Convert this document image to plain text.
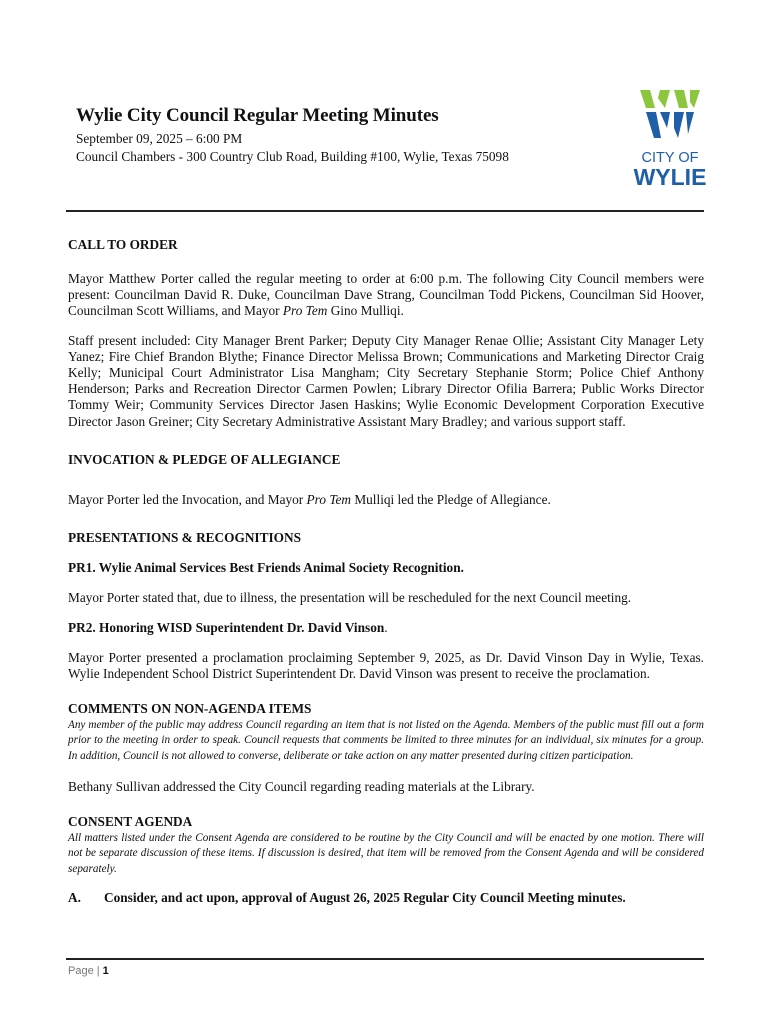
Wylie City Council Regular Meeting Minutes
September 09, 2025 – 6:00 PM
Council Chambers - 300 Country Club Road, Building #100, Wylie, Texas 75098	CITY OF
WYLIE
CALL TO ORDER

Mayor Matthew Porter called the regular meeting to order at 6:00 p.m. The following City Council members were present: Councilman David R. Duke, Councilman Dave Strang, Councilman Todd Pickens, Councilman Sid Hoover, Councilman Scott Williams, and Mayor Pro Tem Gino Mulliqi.

Staff present included: City Manager Brent Parker; Deputy City Manager Renae Ollie; Assistant City Manager Lety Yanez; Fire Chief Brandon Blythe; Finance Director Melissa Brown; Communications and Marketing Director Craig Kelly; Municipal Court Administrator Lisa Mangham; City Secretary Stephanie Storm; Police Chief Anthony Henderson; Parks and Recreation Director Carmen Powlen; Library Director Ofilia Barrera; Public Works Director Tommy Weir; Community Services Director Jasen Haskins; Wylie Economic Development Corporation Executive Director Jason Greiner; City Secretary Administrative Assistant Mary Bradley; and various support staff.

INVOCATION & PLEDGE OF ALLEGIANCE

Mayor Porter led the Invocation, and Mayor Pro Tem Mulliqi led the Pledge of Allegiance.

PRESENTATIONS & RECOGNITIONS
PR1. Wylie Animal Services Best Friends Animal Society Recognition.

Mayor Porter stated that, due to illness, the presentation will be rescheduled for the next Council meeting.

PR2. Honoring WISD Superintendent Dr. David Vinson.

Mayor Porter presented a proclamation proclaiming September 9, 2025, as Dr. David Vinson Day in Wylie, Texas. Wylie Independent School District Superintendent Dr. David Vinson was present to receive the proclamation.

COMMENTS ON NON-AGENDA ITEMS

Any member of the public may address Council regarding an item that is not listed on the Agenda. Members of the public must fill out a form prior to the meeting in order to speak. Council requests that comments be limited to three minutes for an individual, six minutes for a group. In addition, Council is not allowed to converse, deliberate or take action on any matter presented during citizen participation.

Bethany Sullivan addressed the City Council regarding reading materials at the Library.

CONSENT AGENDA

All matters listed under the Consent Agenda are considered to be routine by the City Council and will be enacted by one motion. There will not be separate discussion of these items. If discussion is desired, that item will be removed from the Consent Agenda and will be considered separately.

A.	Consider, and act upon, approval of August 26, 2025 Regular City Council Meeting minutes.
Page | 1
